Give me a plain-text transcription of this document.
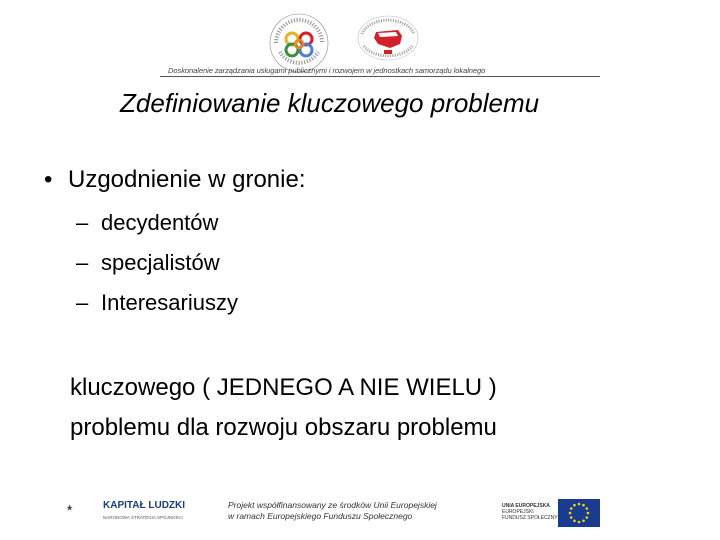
Doskonalenie zarządzania usługami publicznymi i rozwojem w jednostkach samorządu lokalnego
Zdefiniowanie kluczowego problemu
• Uzgodnienie w gronie:
– decydentów
– specjalistów
– Interesariuszy
kluczowego ( JEDNEGO A NIE WIELU )
problemu dla rozwoju obszaru problemu
KAPITAŁ LUDZKI
NARODOWA STRATEGIA SPÓJNOŚCI
Projekt współfinansowany ze środków Unii Europejskiej
w ramach Europejskiego Funduszu Społecznego
UNIA EUROPEJSKA
EUROPEJSKI
FUNDUSZ SPOŁECZNY
